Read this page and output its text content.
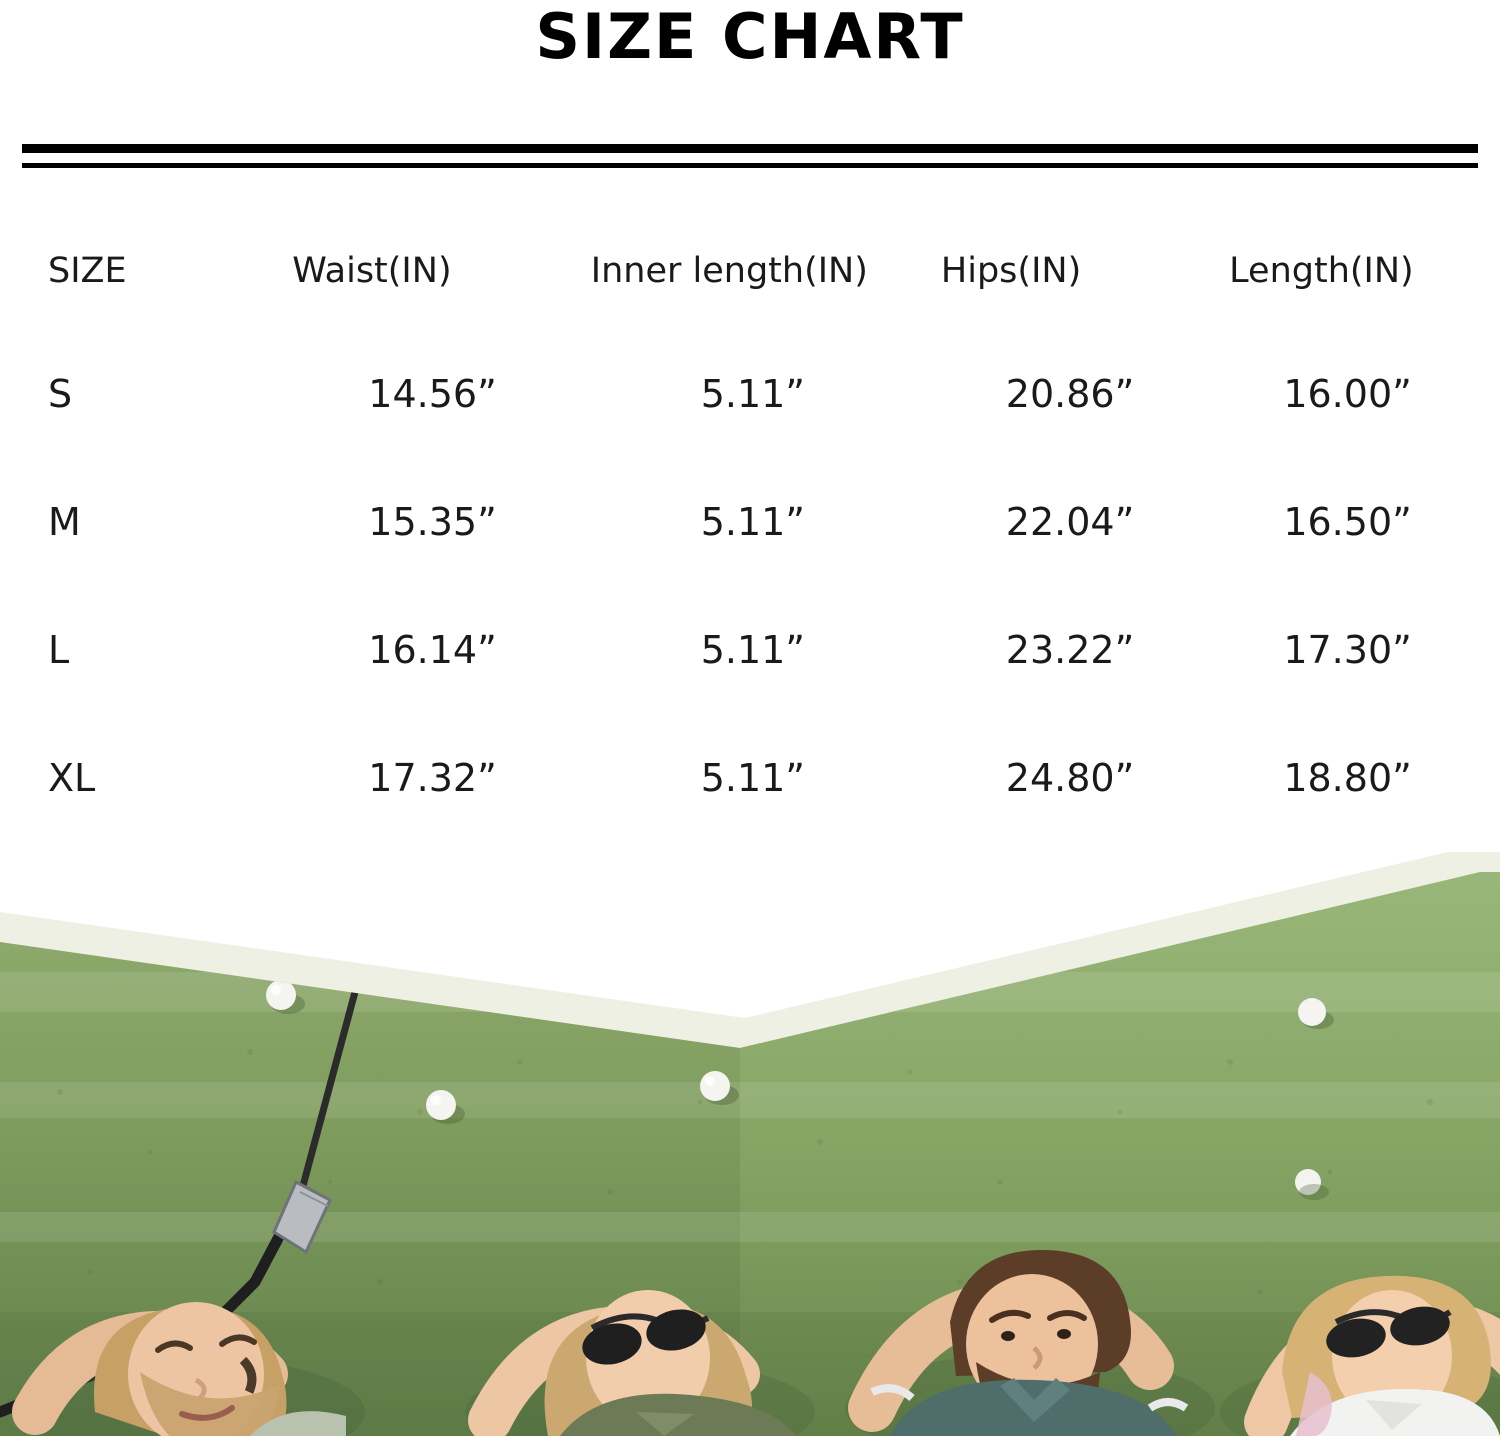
SIZE CHART
SIZE	Waist(IN)	Inner length(IN)	Hips(IN)	Length(IN)
S	14.56”	5.11”	20.86”	16.00”
M	15.35”	5.11”	22.04”	16.50”
L	16.14”	5.11”	23.22”	17.30”
XL	17.32”	5.11”	24.80”	18.80”
